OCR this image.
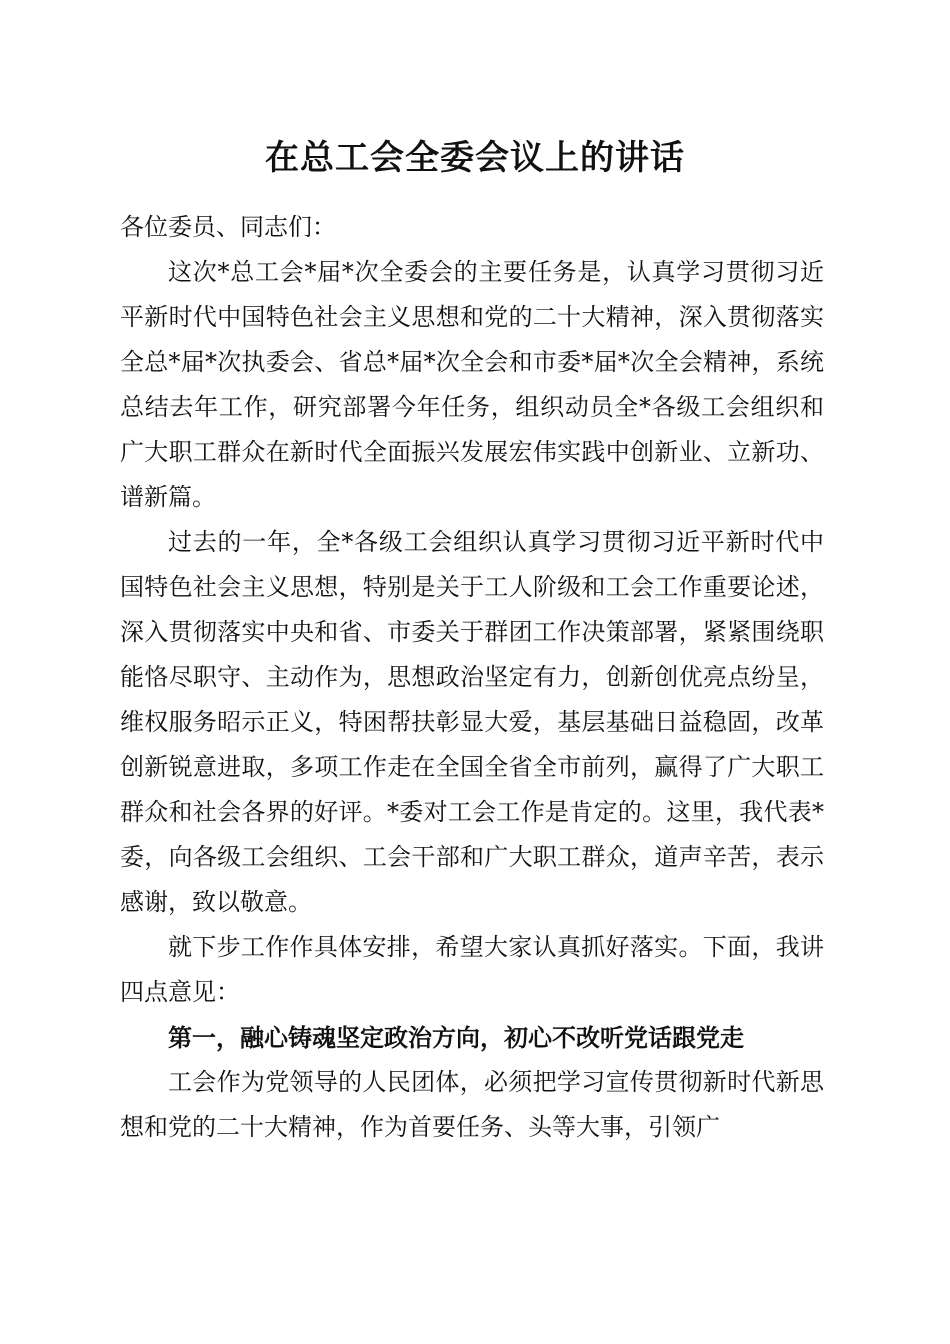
在总工会全委会议上的讲话

各位委员、同志们：

这次*总工会*届*次全委会的主要任务是，认真学习贯彻习近平新时代中国特色社会主义思想和党的二十大精神，深入贯彻落实全总*届*次执委会、省总*届*次全会和市委*届*次全会精神，系统总结去年工作，研究部署今年任务，组织动员全*各级工会组织和广大职工群众在新时代全面振兴发展宏伟实践中创新业、立新功、谱新篇。

过去的一年，全*各级工会组织认真学习贯彻习近平新时代中国特色社会主义思想，特别是关于工人阶级和工会工作重要论述，深入贯彻落实中央和省、市委关于群团工作决策部署，紧紧围绕职能恪尽职守、主动作为，思想政治坚定有力，创新创优亮点纷呈，维权服务昭示正义，特困帮扶彰显大爱，基层基础日益稳固，改革创新锐意进取，多项工作走在全国全省全市前列，赢得了广大职工群众和社会各界的好评。*委对工会工作是肯定的。这里，我代表*委，向各级工会组织、工会干部和广大职工群众，道声辛苦，表示感谢，致以敬意。

就下步工作作具体安排，希望大家认真抓好落实。下面，我讲四点意见：

第一，融心铸魂坚定政治方向，初心不改听党话跟党走

工会作为党领导的人民团体，必须把学习宣传贯彻新时代新思想和党的二十大精神，作为首要任务、头等大事，引领广
